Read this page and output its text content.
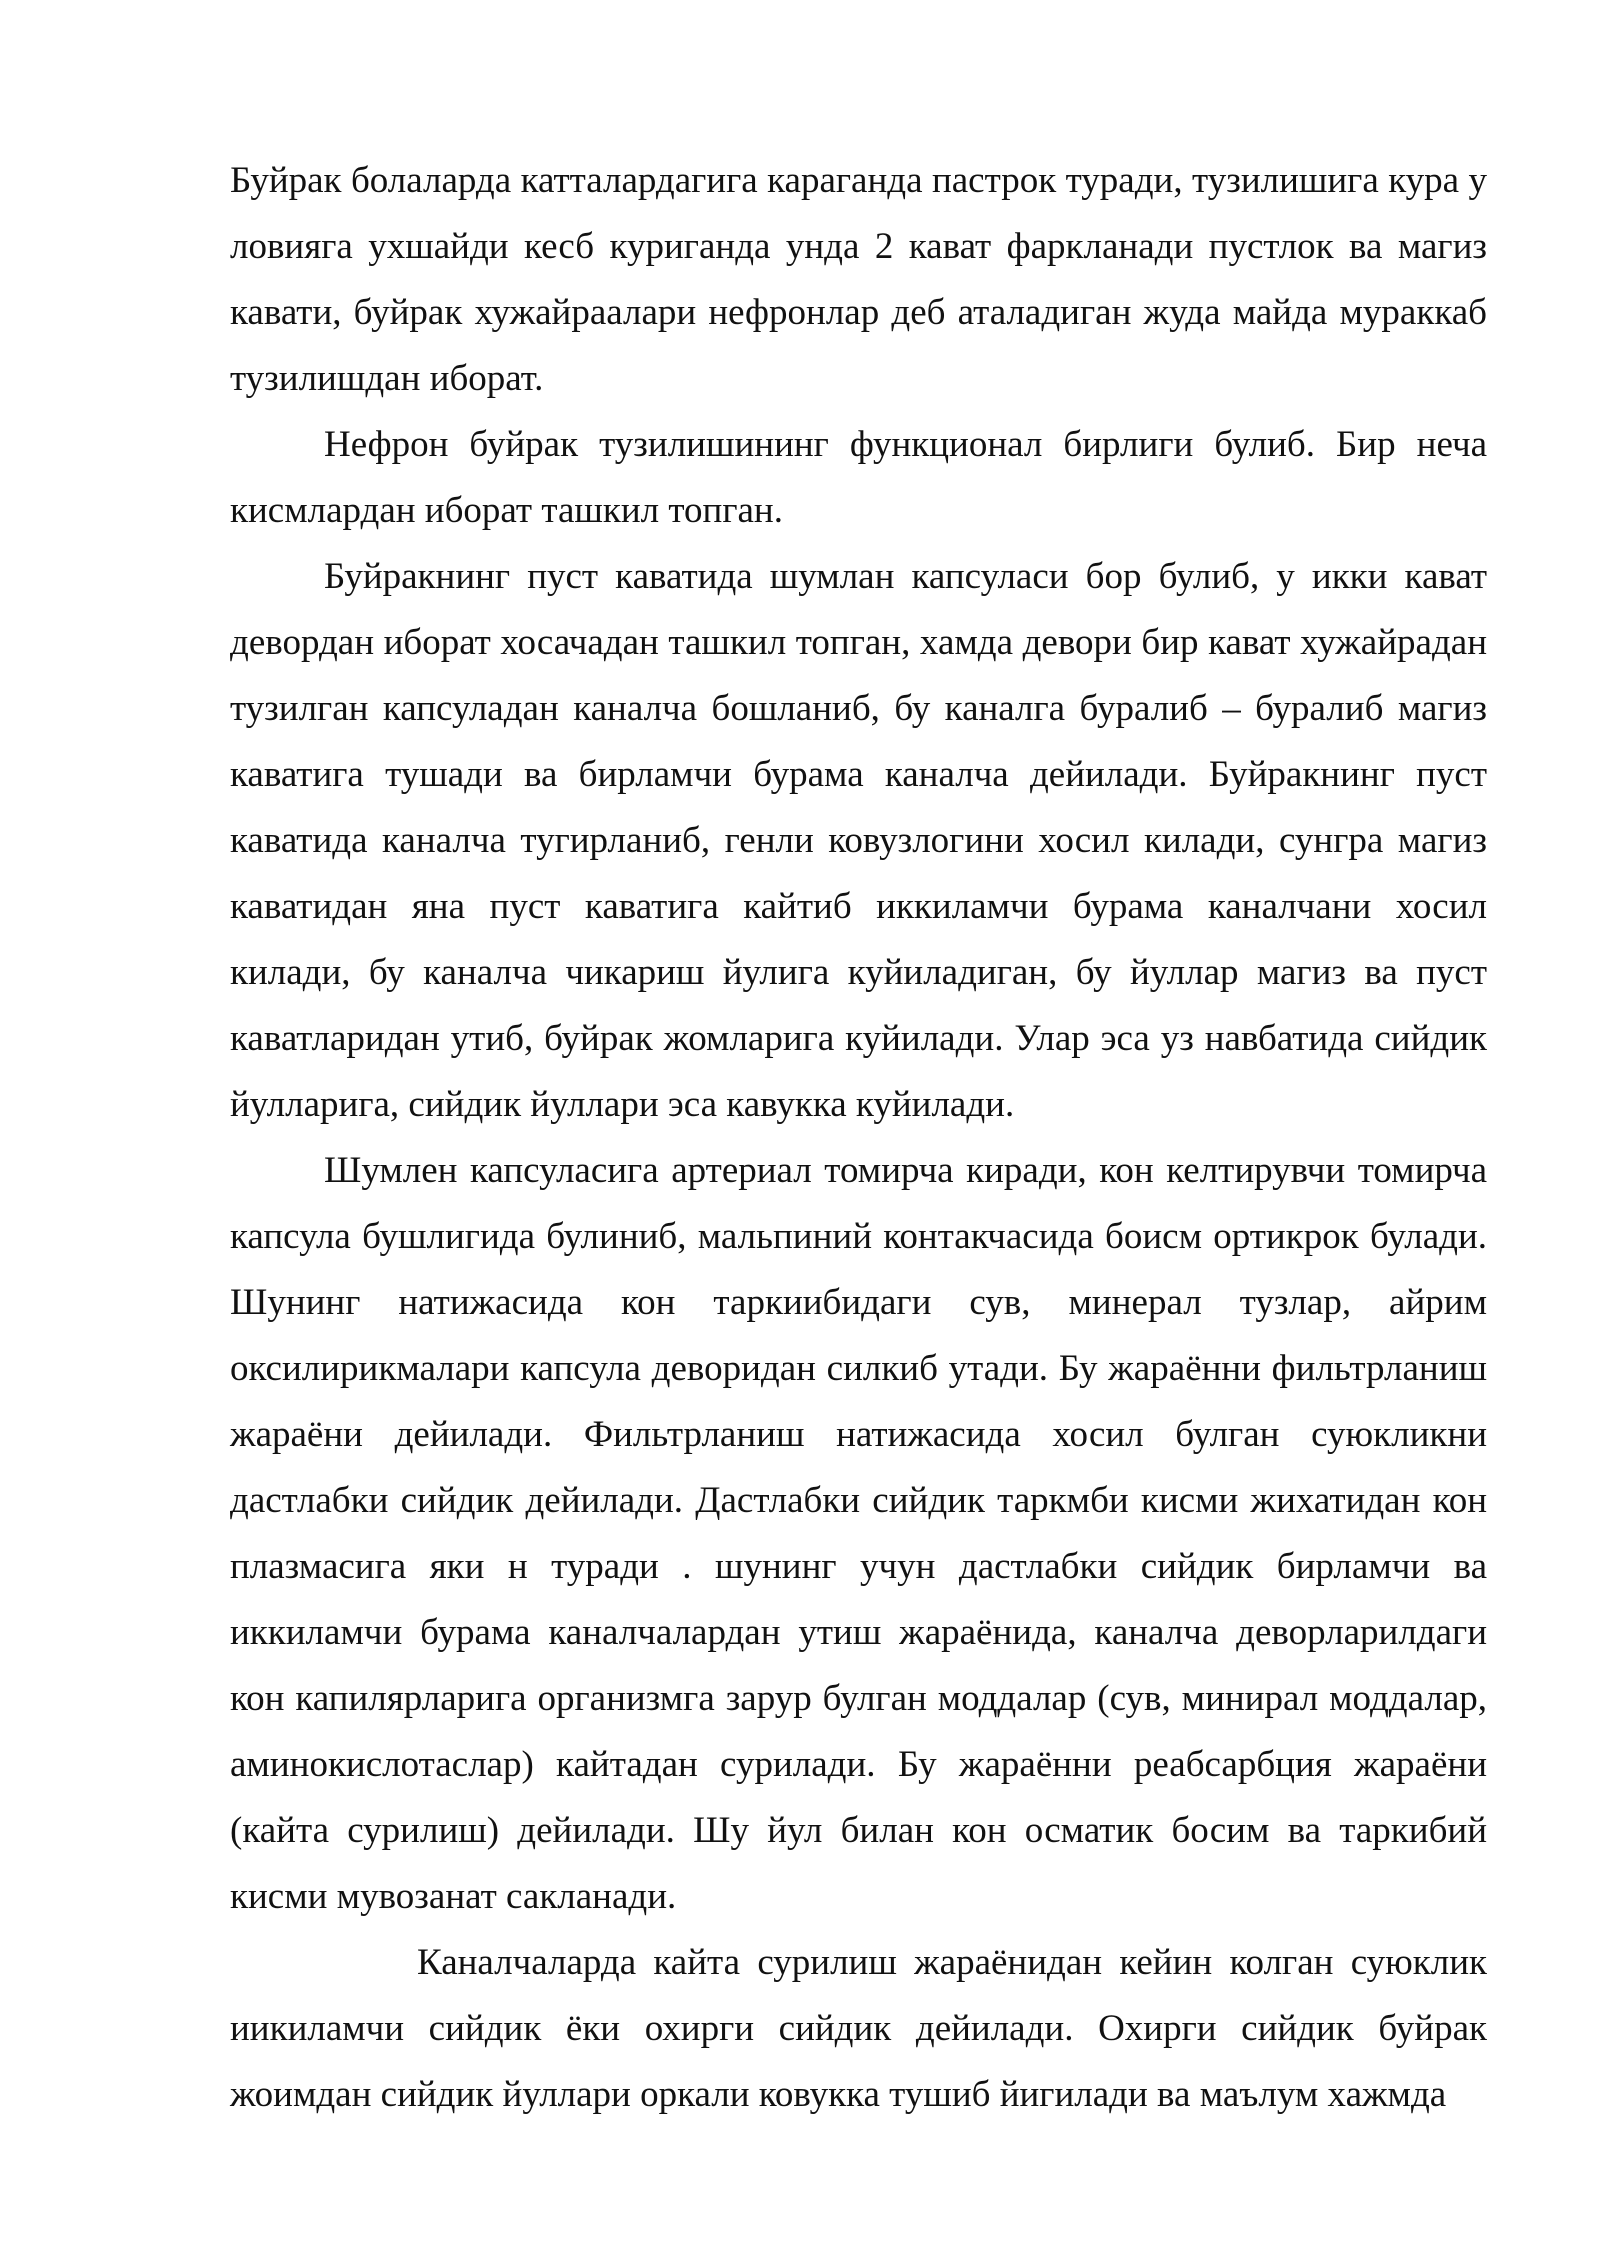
Буйрак болаларда катталардагига караганда пастрок туради, тузилишига кура у ловияга ухшайди кесб куриганда унда 2 кават фаркланади пустлок ва магиз кавати, буйрак хужайраалари нефронлар деб аталадиган жуда майда мураккаб тузилишдан иборат.

Нефрон буйрак тузилишининг функционал бирлиги булиб. Бир неча кисмлардан иборат ташкил топган.

Буйракнинг пуст каватида шумлан капсуласи бор булиб, у икки кават девордан иборат хосачадан ташкил топган, хамда девори бир кават хужайрадан тузилган капсуладан каналча бошланиб, бу каналга буралиб – буралиб магиз каватига тушади ва бирламчи бурама каналча дейилади. Буйракнинг пуст каватида каналча тугирланиб, генли ковузлогини хосил килади, сунгра магиз каватидан яна пуст каватига кайтиб иккиламчи бурама каналчани хосил килади, бу каналча чикариш йулига куйиладиган, бу йуллар магиз ва пуст каватларидан утиб, буйрак жомларига куйилади. Улар эса уз навбатида сийдик йулларига, сийдик йуллари эса кавукка куйилади.

Шумлен капсуласига артериал томирча киради, кон келтирувчи томирча капсула бушлигида булиниб, мальпиний контакчасида боисм ортикрок булади. Шунинг натижасида кон таркиибидаги сув, минерал тузлар, айрим оксилирикмалари капсула деворидан силкиб утади. Бу жараённи фильтрланиш жараёни дейилади. Фильтрланиш натижасида хосил булган суюкликни дастлабки сийдик дейилади. Дастлабки сийдик таркмби кисми жихатидан кон плазмасига яки н туради . шунинг учун дастлабки сийдик бирламчи ва иккиламчи бурама каналчалардан утиш жараёнида, каналча деворларилдаги кон капилярларига организмга зарур булган моддалар (сув, минирал моддалар, аминокислотаслар) кайтадан сурилади. Бу жараённи реабсарбция жараёни (кайта сурилиш) дейилади. Шу йул билан кон осматик босим ва таркибий кисми мувозанат сакланади.

Каналчаларда кайта сурилиш жараёнидан кейин колган суюклик иикиламчи сийдик ёки охирги сийдик дейилади. Охирги сийдик буйрак жоимдан сийдик йуллари оркали ковукка тушиб йигилади ва маълум хажмда
